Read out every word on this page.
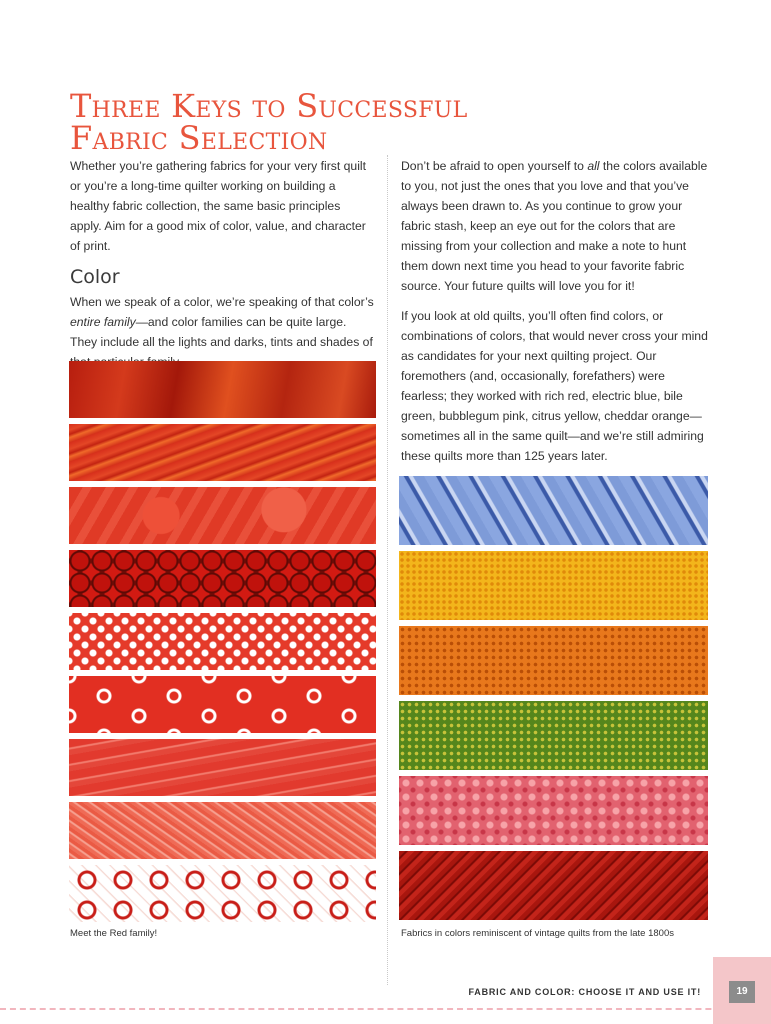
Three Keys to Successful
Fabric Selection

Whether you’re gathering fabrics for your very first quilt or you’re a long-time quilter working on building a healthy fabric collection, the same basic principles apply. Aim for a good mix of color, value, and character of print.

Color

When we speak of a color, we’re speaking of that color’s entire family—and color families can be quite large. They include all the lights and darks, tints and shades of

Don’t be afraid to open yourself to all the colors available to you, not just the ones that you love and that you’ve always been drawn to. As you continue to grow your fabric stash, keep an eye out for the colors that are missing from your collection and make a note to hunt them down next time you head to your favorite fabric source. Your future quilts will love you for it!

If you look at old quilts, you’ll often find colors, or combinations of colors, that would never cross your mind as candidates for your next quilting project. Our foremothers (and, occasionally, forefathers) were fearless; they worked with rich red, electric blue, bile green, bubblegum pink, citrus yellow, cheddar orange—sometimes all in the same quilt—and we’re still admiring these quilts more than 125 years later.

Meet the Red family!	Fabrics in colors reminiscent of vintage quilts from the late 1800s
FABRIC AND COLOR: CHOOSE IT AND USE IT!	19
